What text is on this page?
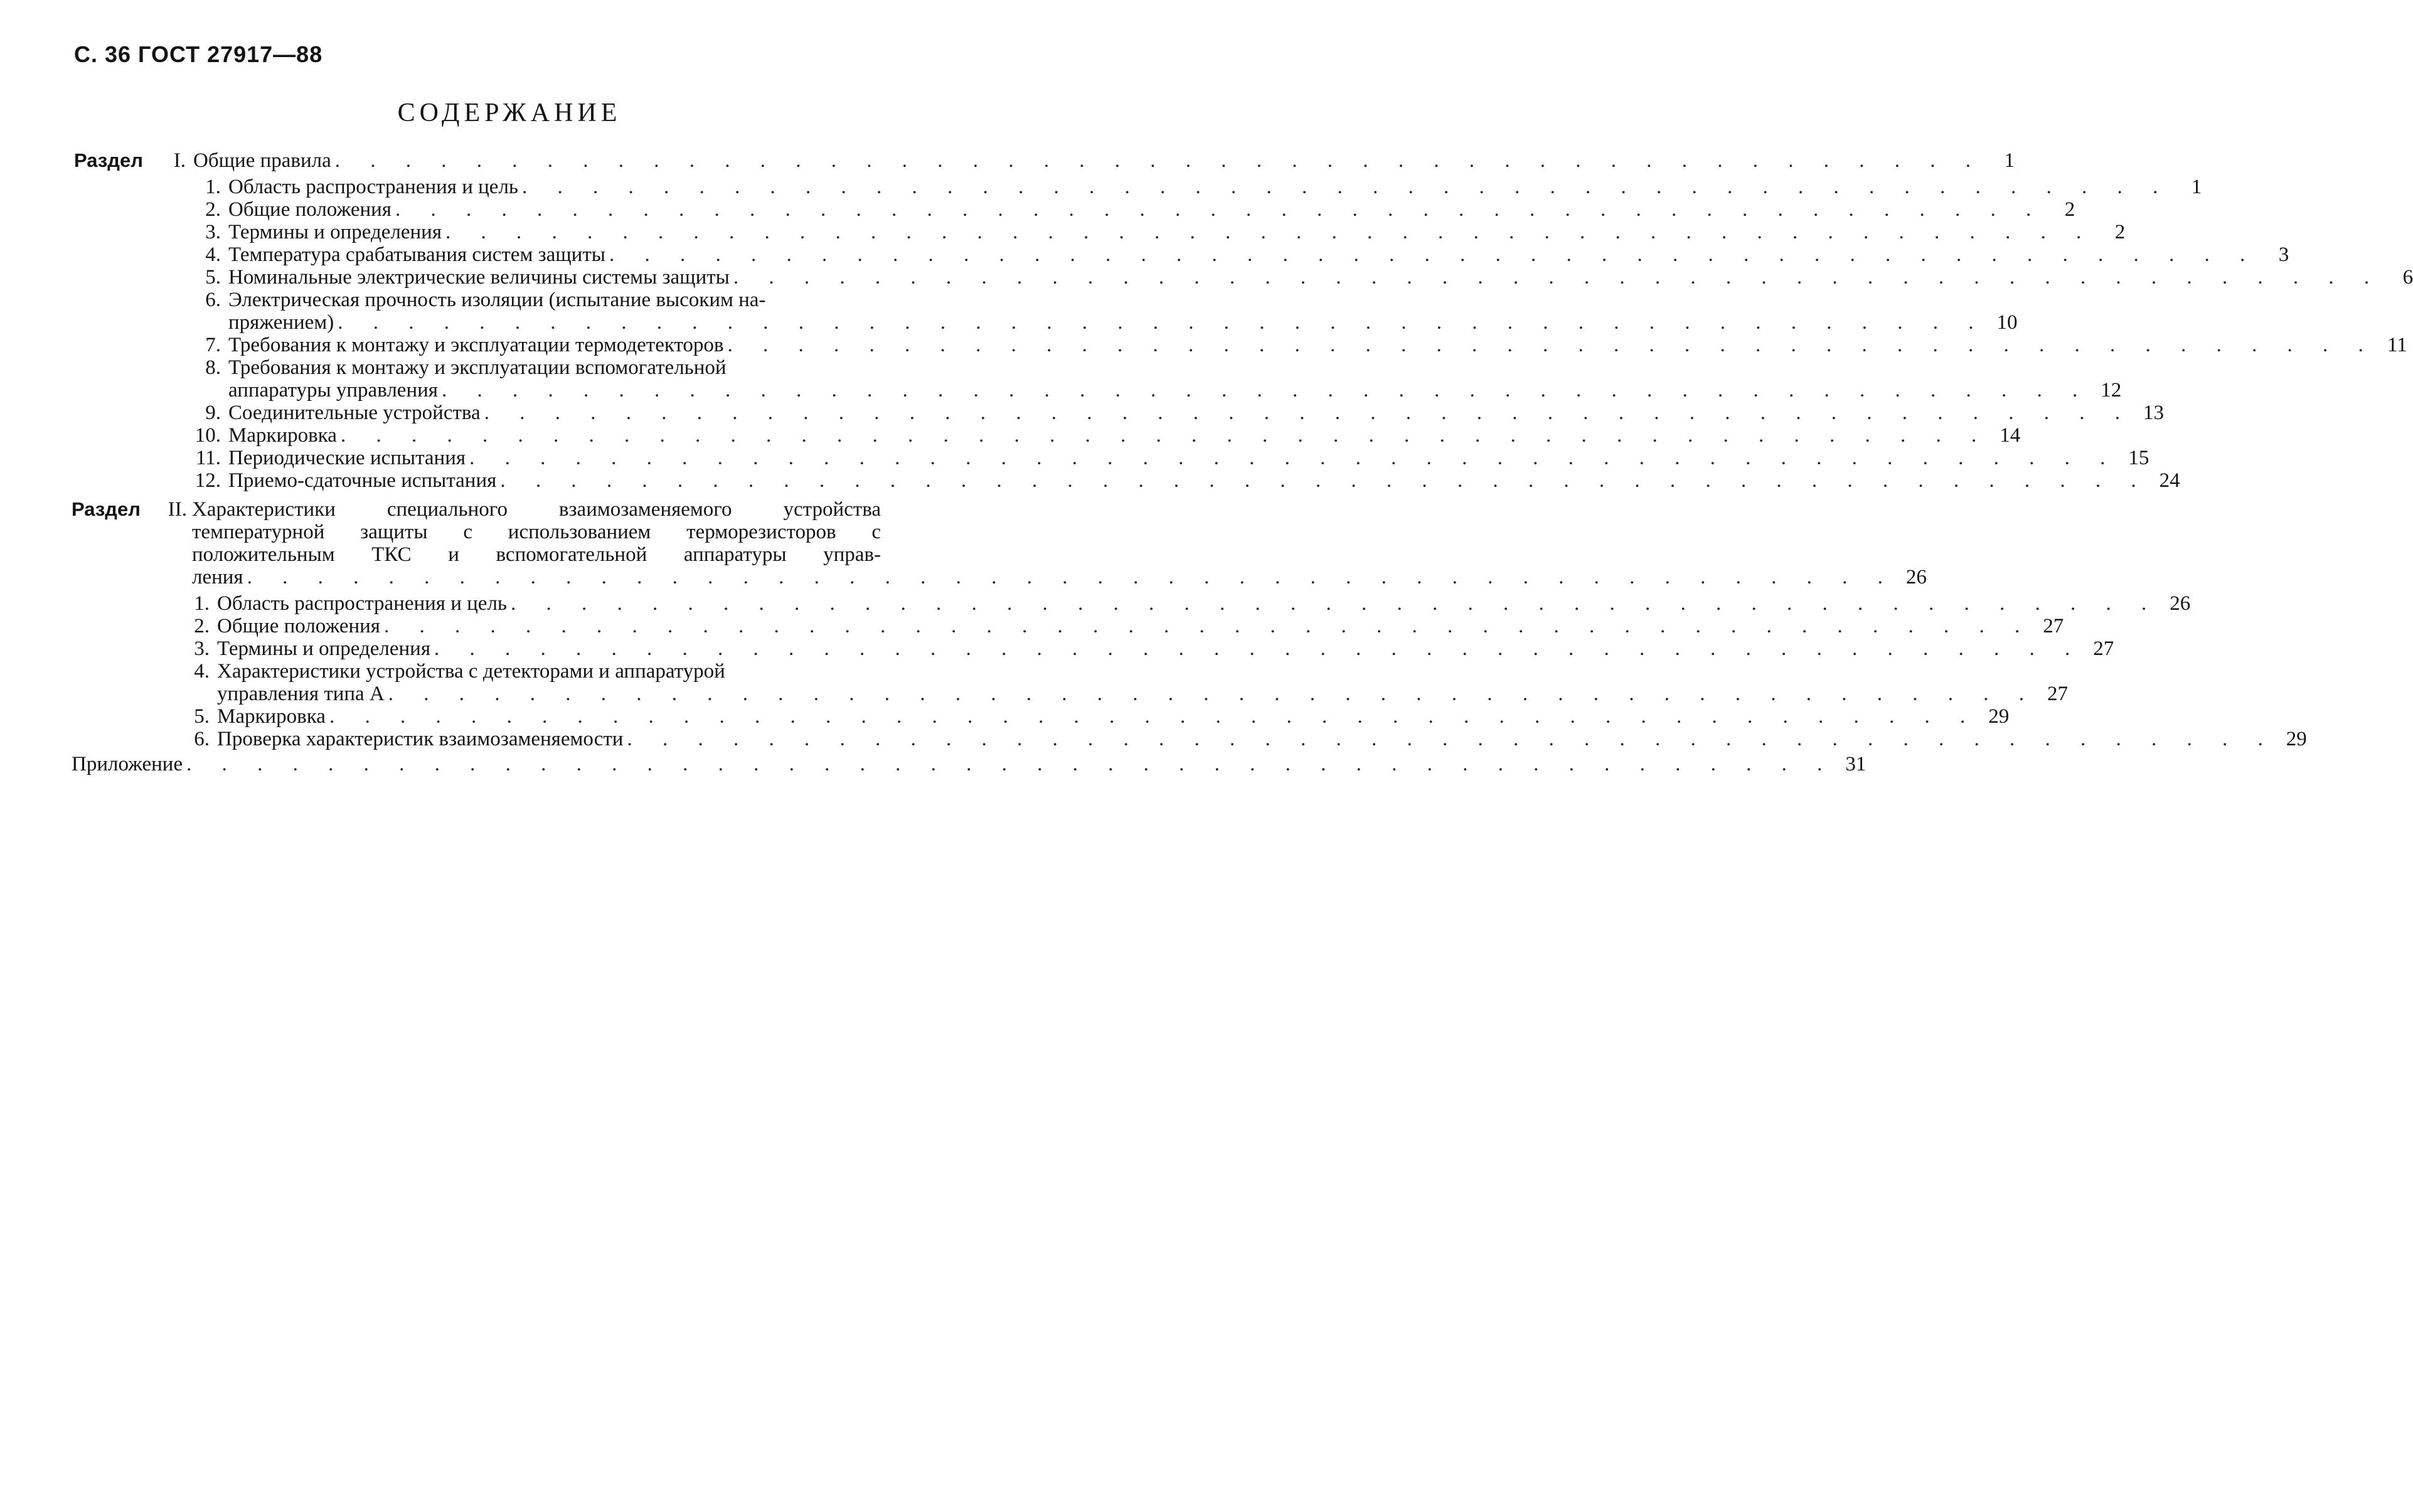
С. 36 ГОСТ 27917—88
СОДЕРЖАНИЕ
Раздел	I. Общие правила . . . . . . . . . . . . . . . . . . . . . . . . . . . . . . . . . . . . . . . . . . . . . . .	1
1. Область распространения и цель . . . . . . . . . . . . . . . . . . . . . . . . . . . . . . . . . . . . . . . . . . . . . . .	1
2. Общие положения . . . . . . . . . . . . . . . . . . . . . . . . . . . . . . . . . . . . . . . . . . . . . . .	2
3. Термины и определения . . . . . . . . . . . . . . . . . . . . . . . . . . . . . . . . . . . . . . . . . . . . . . .	2
4. Температура срабатывания систем защиты . . . . . . . . . . . . . . . . . . . . . . . . . . . . . . . . . . . . . . . . . . . . . . .	3
5. Номинальные электрические величины системы защиты . . . . . . . . . . . . . . . . . . . . . . . . . . . . . . . . . . . . . . . . . . . . . . .	6
6. Электрическая прочность изоляции (испытание высоким на-
пряжением) . . . . . . . . . . . . . . . . . . . . . . . . . . . . . . . . . . . . . . . . . . . . . . . 10
7. Требования к монтажу и эксплуатации термодетекторов . . . . . . . . . . . . . . . . . . . . . . . . . . . . . . . . . . . . . . . . . . . . . . . 11
8. Требования к монтажу и эксплуатации вспомогательной
аппаратуры управления . . . . . . . . . . . . . . . . . . . . . . . . . . . . . . . . . . . . . . . . . . . . . . . 12
9. Соединительные устройства . . . . . . . . . . . . . . . . . . . . . . . . . . . . . . . . . . . . . . . . . . . . . . . 13
10. Маркировка . . . . . . . . . . . . . . . . . . . . . . . . . . . . . . . . . . . . . . . . . . . . . . . 14
11. Периодические испытания . . . . . . . . . . . . . . . . . . . . . . . . . . . . . . . . . . . . . . . . . . . . . . . 15
12. Приемо-сдаточные испытания . . . . . . . . . . . . . . . . . . . . . . . . . . . . . . . . . . . . . . . . . . . . . . . 24
Раздел	II. Характеристики специального взаимозаменяемого устройства
температурной защиты с использованием терморезисторов с
положительным ТКС и вспомогательной аппаратуры управ-
ления . . . . . . . . . . . . . . . . . . . . . . . . . . . . . . . . . . . . . . . . . . . . . . . 26
1. Область распространения и цель . . . . . . . . . . . . . . . . . . . . . . . . . . . . . . . . . . . . . . . . . . . . . . . 26
2. Общие положения . . . . . . . . . . . . . . . . . . . . . . . . . . . . . . . . . . . . . . . . . . . . . . . 27
3. Термины и определения . . . . . . . . . . . . . . . . . . . . . . . . . . . . . . . . . . . . . . . . . . . . . . . 27
4. Характеристики устройства с детекторами и аппаратурой
управления типа А . . . . . . . . . . . . . . . . . . . . . . . . . . . . . . . . . . . . . . . . . . . . . . . 27
5. Маркировка . . . . . . . . . . . . . . . . . . . . . . . . . . . . . . . . . . . . . . . . . . . . . . . 29
6. Проверка характеристик взаимозаменяемости . . . . . . . . . . . . . . . . . . . . . . . . . . . . . . . . . . . . . . . . . . . . . . . 29
Приложение . . . . . . . . . . . . . . . . . . . . . . . . . . . . . . . . . . . . . . . . . . . . . . . 31
